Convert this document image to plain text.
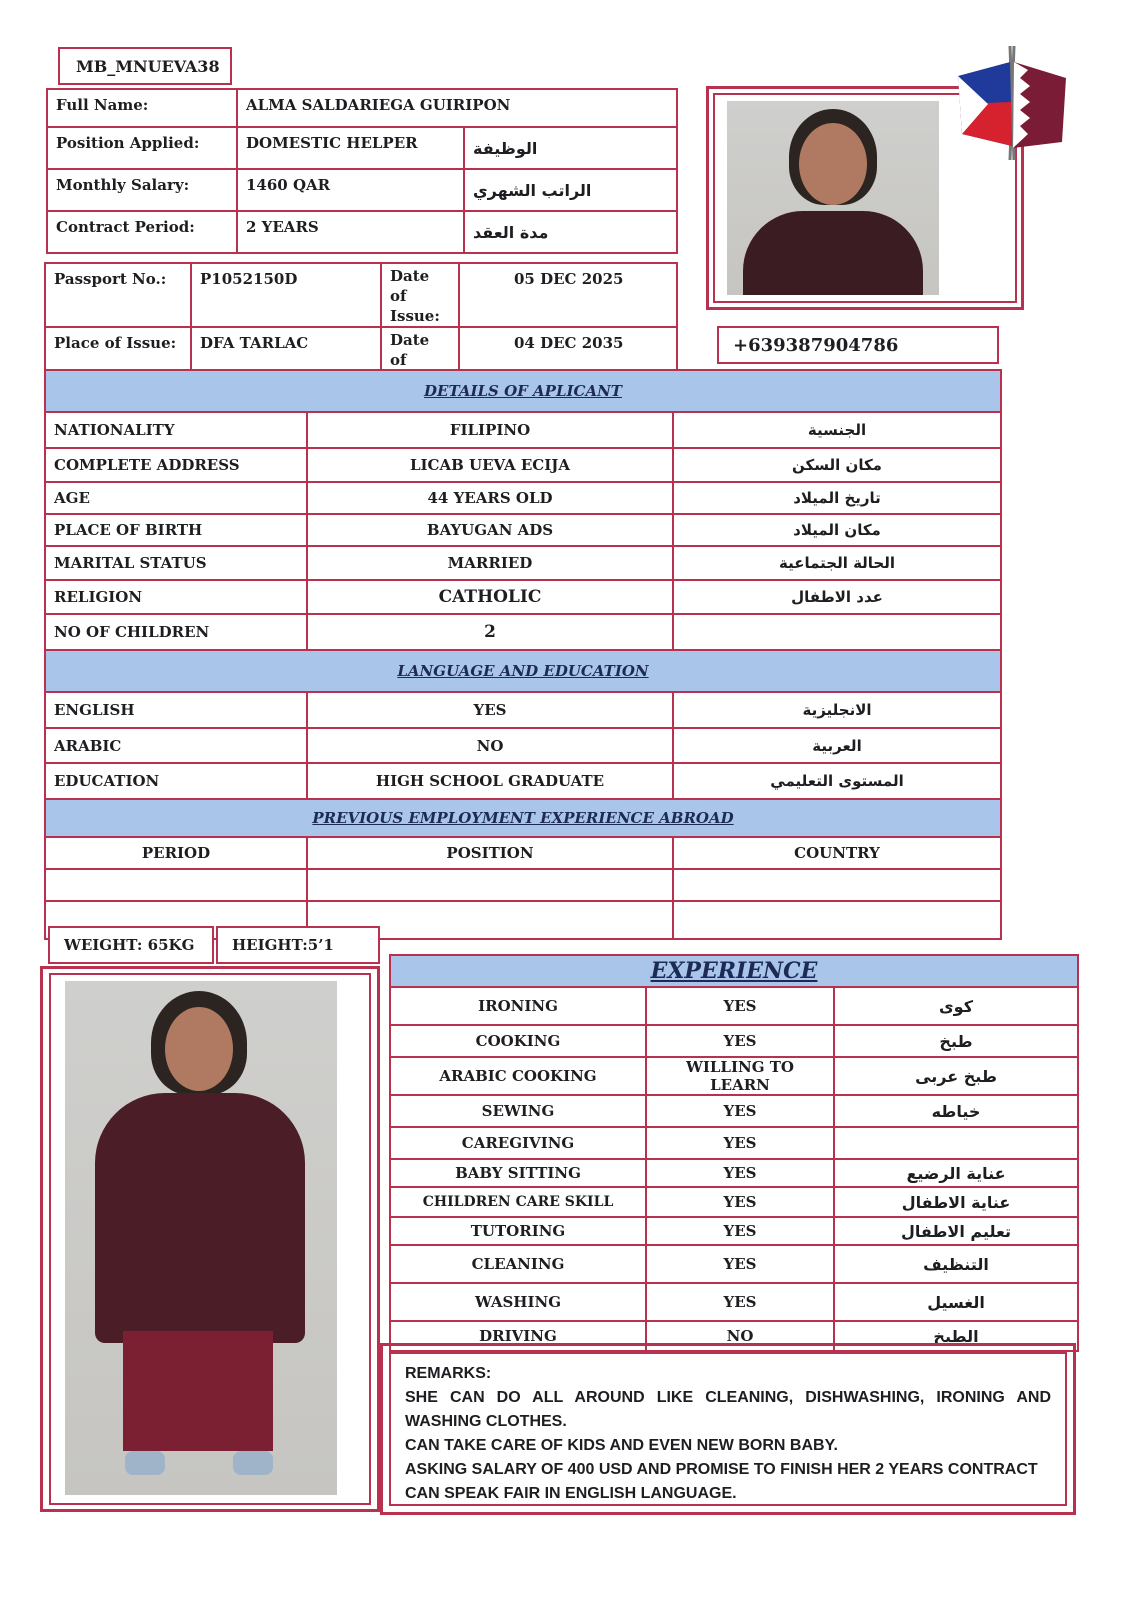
MB_MNUEVA38
Full Name:	ALMA SALDARIEGA GUIRIPON	
Position Applied:	DOMESTIC HELPER	الوظيفة
Monthly Salary:	1460 QAR	الراتب الشهري
Contract Period:	2 YEARS	مدة العقد
Passport No.:	P1052150D	Date of Issue:	05 DEC 2025
Place of Issue:	DFA TARLAC	Date of	04 DEC 2035	+639387904786
DETAILS OF APLICANT		
NATIONALITY	FILIPINO	الجنسية
COMPLETE ADDRESS	LICAB UEVA ECIJA	مكان السكن
AGE	44 YEARS OLD	تاريخ الميلاد
PLACE OF BIRTH	BAYUGAN ADS	مكان الميلاد
MARITAL STATUS	MARRIED	الحالة الجتماعية
RELIGION	CATHOLIC	عدد الاطفال
NO OF CHILDREN	2	
LANGUAGE AND EDUCATION		
ENGLISH	YES	الانجليزية
ARABIC	NO	العربية
EDUCATION	HIGH SCHOOL GRADUATE	المستوى التعليمي
PREVIOUS EMPLOYMENT EXPERIENCE ABROAD		
PERIOD	POSITION	COUNTRY

WEIGHT: 65KG	HEIGHT:5’1
EXPERIENCE
IRONING	YES	كوى
COOKING	YES	طبخ
ARABIC COOKING	WILLING TO LEARN	طبخ عربى
SEWING	YES	خياطه
CAREGIVING	YES	
BABY SITTING	YES	عناية الرضيع
CHILDREN CARE SKILL	YES	عناية الاطفال
TUTORING	YES	تعليم الاطفال
CLEANING	YES	التنظيف
WASHING	YES	الغسيل
DRIVING	NO	الطبخ
REMARKS:
SHE CAN DO ALL AROUND LIKE CLEANING, DISHWASHING, IRONING AND WASHING CLOTHES.
CAN TAKE CARE OF KIDS AND EVEN NEW BORN BABY.
ASKING SALARY OF 400 USD AND PROMISE TO FINISH HER 2 YEARS CONTRACT
CAN SPEAK FAIR IN ENGLISH LANGUAGE.
